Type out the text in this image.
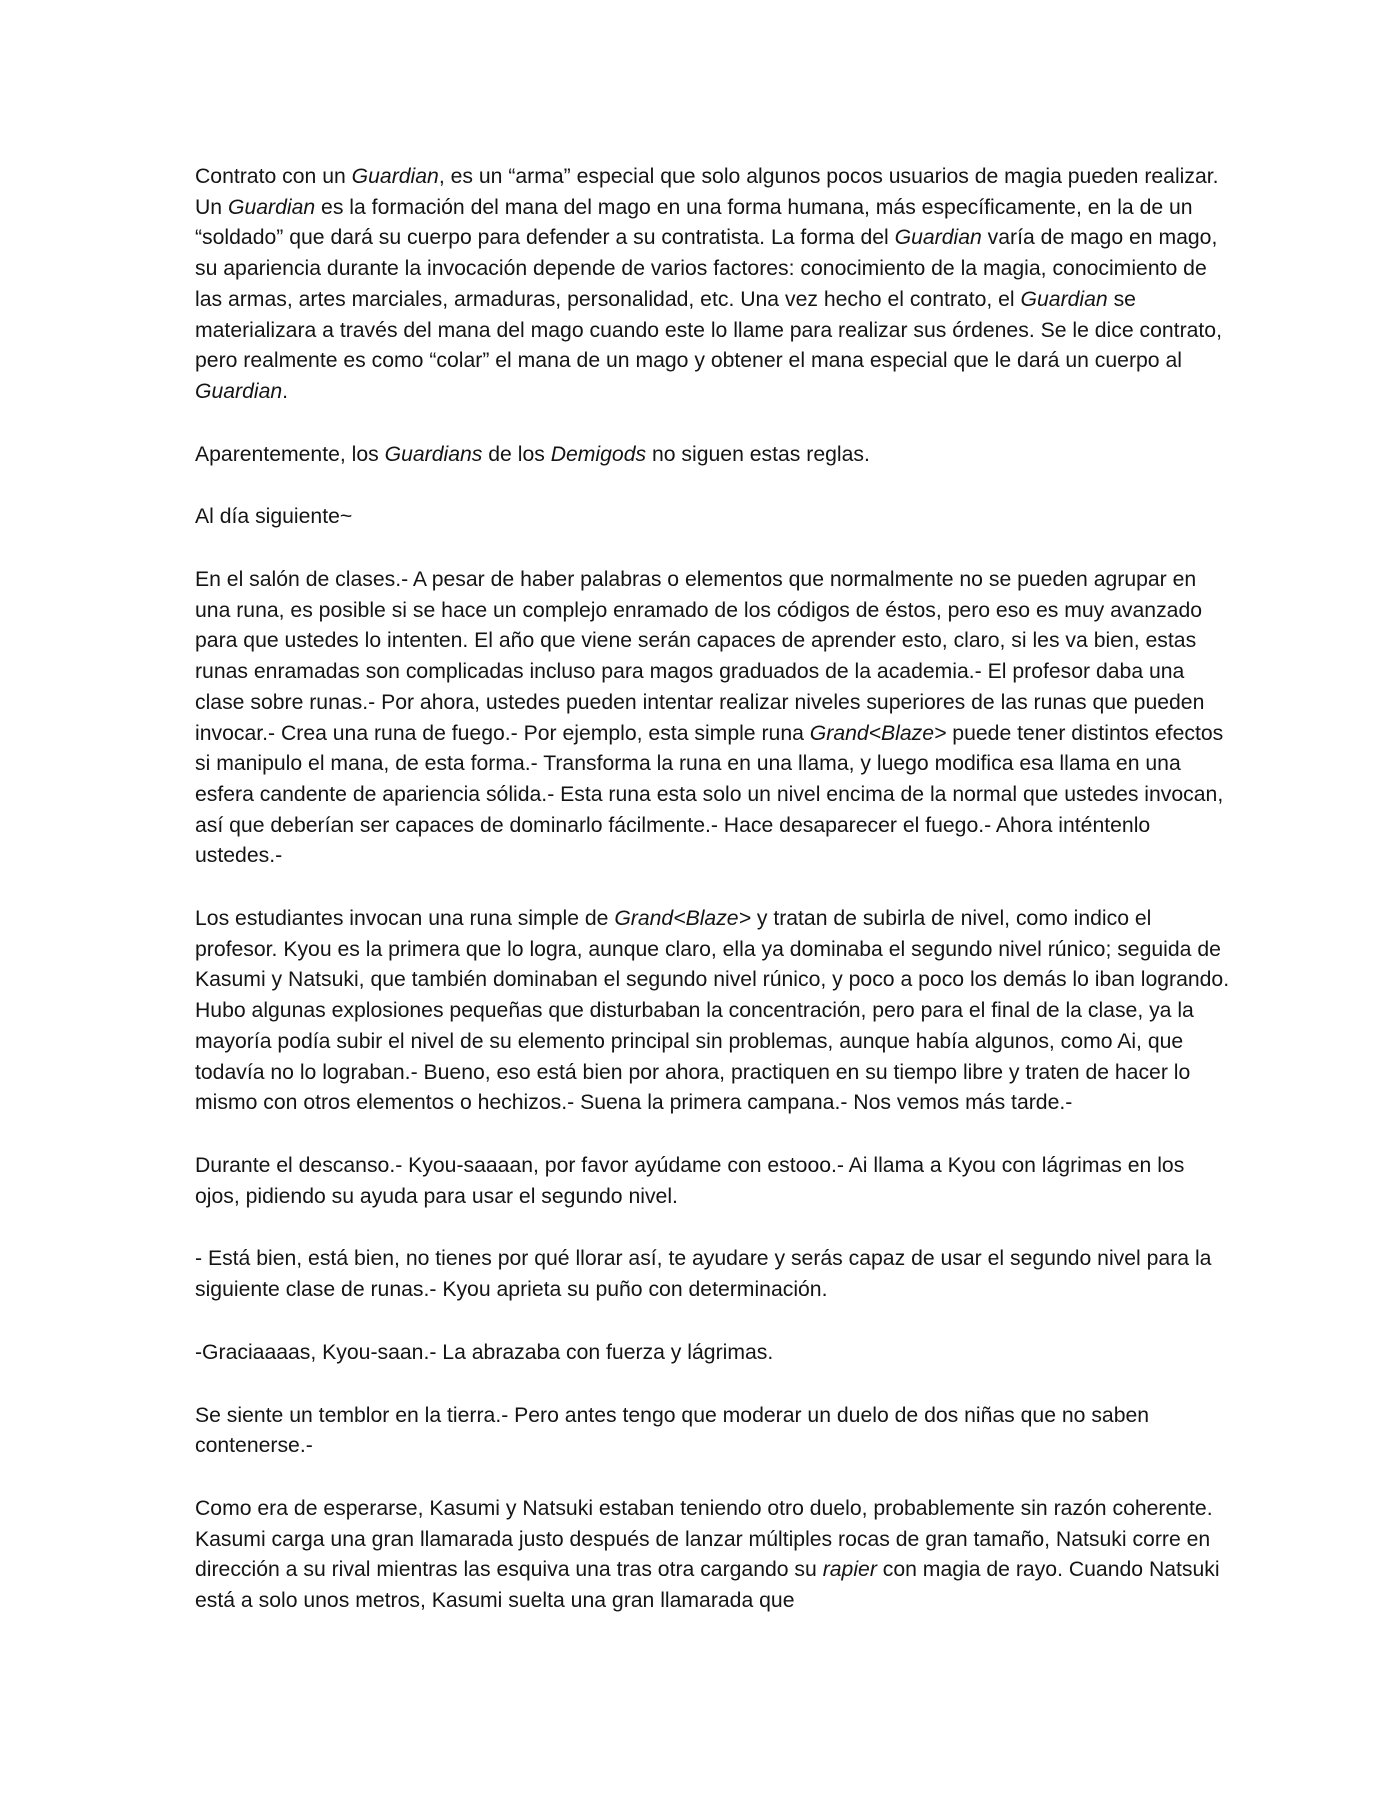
Contrato con un Guardian, es un “arma” especial que solo algunos pocos usuarios de magia pueden realizar. Un Guardian es la formación del mana del mago en una forma humana, más específicamente, en la de un “soldado” que dará su cuerpo para defender a su contratista. La forma del Guardian varía de mago en mago, su apariencia durante la invocación depende de varios factores: conocimiento de la magia, conocimiento de las armas, artes marciales, armaduras, personalidad, etc. Una vez hecho el contrato, el Guardian se materializara a través del mana del mago cuando este lo llame para realizar sus órdenes. Se le dice contrato, pero realmente es como “colar” el mana de un mago y obtener el mana especial que le dará un cuerpo al Guardian.

Aparentemente, los Guardians de los Demigods no siguen estas reglas.

Al día siguiente~

En el salón de clases.- A pesar de haber palabras o elementos que normalmente no se pueden agrupar en una runa, es posible si se hace un complejo enramado de los códigos de éstos, pero eso es muy avanzado para que ustedes lo intenten. El año que viene serán capaces de aprender esto, claro, si les va bien, estas runas enramadas son complicadas incluso para magos graduados de la academia.- El profesor daba una clase sobre runas.- Por ahora, ustedes pueden intentar realizar niveles superiores de las runas que pueden invocar.- Crea una runa de fuego.- Por ejemplo, esta simple runa Grand<Blaze> puede tener distintos efectos si manipulo el mana, de esta forma.- Transforma la runa en una llama, y luego modifica esa llama en una esfera candente de apariencia sólida.- Esta runa esta solo un nivel encima de la normal que ustedes invocan, así que deberían ser capaces de dominarlo fácilmente.- Hace desaparecer el fuego.- Ahora inténtenlo ustedes.-

Los estudiantes invocan una runa simple de Grand<Blaze> y tratan de subirla de nivel, como indico el profesor. Kyou es la primera que lo logra, aunque claro, ella ya dominaba el segundo nivel rúnico; seguida de Kasumi y Natsuki, que también dominaban el segundo nivel rúnico, y poco a poco los demás lo iban logrando. Hubo algunas explosiones pequeñas que disturbaban la concentración, pero para el final de la clase, ya la mayoría podía subir el nivel de su elemento principal sin problemas, aunque había algunos, como Ai, que todavía no lo lograban.- Bueno, eso está bien por ahora, practiquen en su tiempo libre y traten de hacer lo mismo con otros elementos o hechizos.- Suena la primera campana.- Nos vemos más tarde.-

Durante el descanso.- Kyou-saaaan, por favor ayúdame con estooo.- Ai llama a Kyou con lágrimas en los ojos, pidiendo su ayuda para usar el segundo nivel.

- Está bien, está bien, no tienes por qué llorar así, te ayudare y serás capaz de usar el segundo nivel para la siguiente clase de runas.- Kyou aprieta su puño con determinación.

-Graciaaaas, Kyou-saan.- La abrazaba con fuerza y lágrimas.

Se siente un temblor en la tierra.- Pero antes tengo que moderar un duelo de dos niñas que no saben contenerse.-

Como era de esperarse, Kasumi y Natsuki estaban teniendo otro duelo, probablemente sin razón coherente. Kasumi carga una gran llamarada justo después de lanzar múltiples rocas de gran tamaño, Natsuki corre en dirección a su rival mientras las esquiva una tras otra cargando su rapier con magia de rayo. Cuando Natsuki está a solo unos metros, Kasumi suelta una gran llamarada que
